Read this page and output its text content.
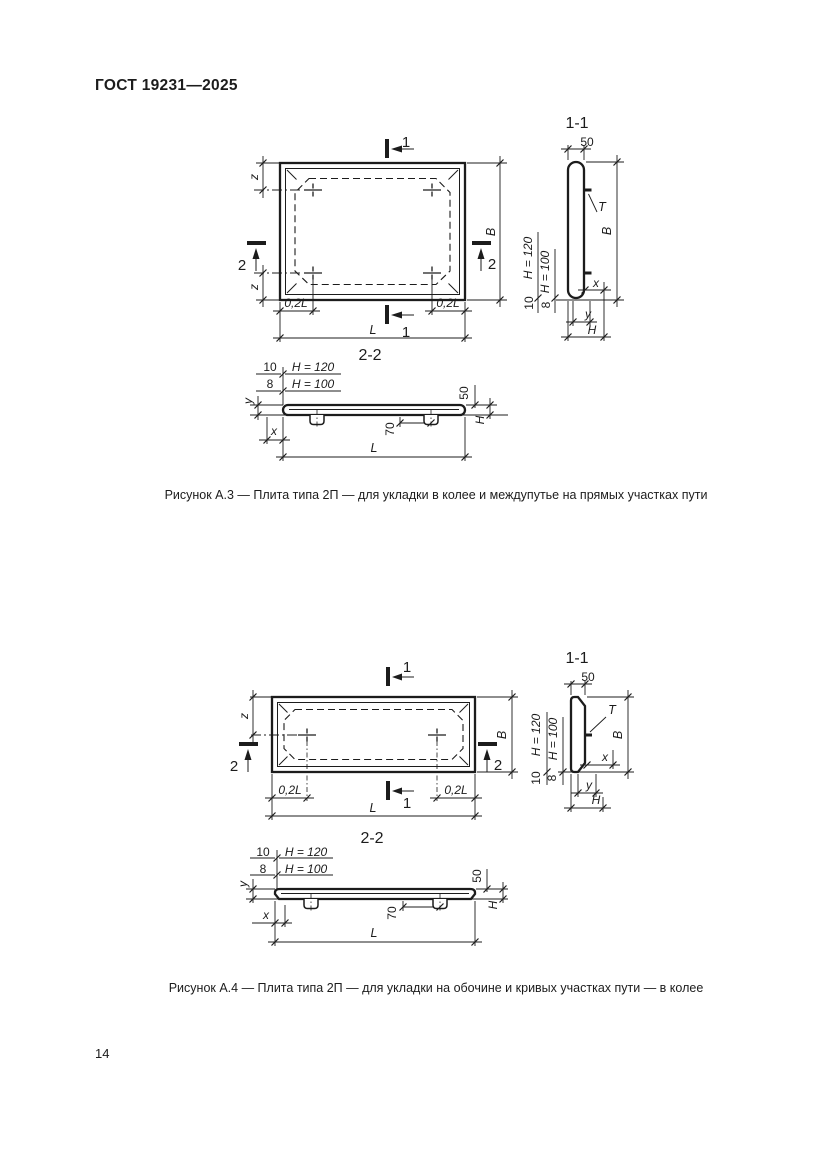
ГОСТ 19231—2025
1
1
2	2
z
z
B
0,2L	0,2L
L
1-1
50
Т
B
H = 120 H = 100
10 8
x
y
H
2-2
10 H = 120
8 H = 100
y
x	70
L
50
H
Рисунок А.3 — Плита типа 2П — для укладки в колее и междупутье на прямых участках пути
1
1
2	2
z
B
0,2L	0,2L
L
1-1
50
Т
B
H = 120 H = 100
10 8
x
y
H
2-2
10 H = 120
8 H = 100
y
x	70
L
50
H
Рисунок А.4 — Плита типа 2П — для укладки на обочине и кривых участках пути — в колее
14
